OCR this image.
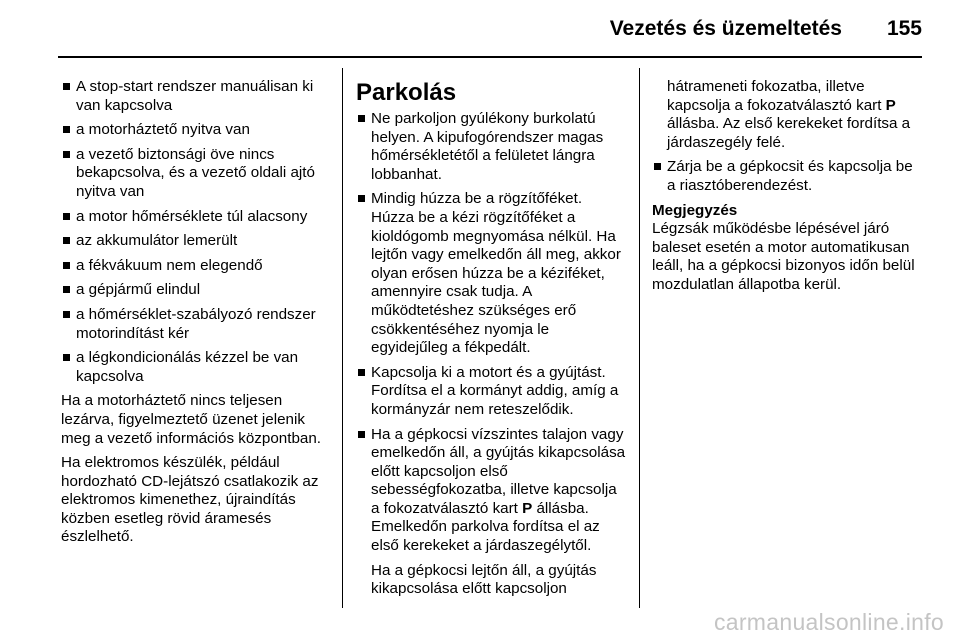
Vezetés és üzemeltetés 155
A stop-start rendszer manuálisan ki van kapcsolva
a motorháztető nyitva van
a vezető biztonsági öve nincs bekapcsolva, és a vezető oldali ajtó nyitva van
a motor hőmérséklete túl alacsony
az akkumulátor lemerült
a fékvákuum nem elegendő
a gépjármű elindul
a hőmérséklet-szabályozó rendszer motorindítást kér
a légkondicionálás kézzel be van kapcsolva
Ha a motorháztető nincs teljesen lezárva, figyelmeztető üzenet jelenik meg a vezető információs központban.
Ha elektromos készülék, például hordozható CD-lejátszó csatlakozik az elektromos kimenethez, újraindítás közben esetleg rövid áramesés észlelhető.
Parkolás
Ne parkoljon gyúlékony burkolatú helyen. A kipufogórendszer magas hőmérsékletétől a felületet lángra lobbanhat.
Mindig húzza be a rögzítőféket. Húzza be a kézi rögzítőféket a kioldógomb megnyomása nélkül. Ha lejtőn vagy emelkedőn áll meg, akkor olyan erősen húzza be a kéziféket, amennyire csak tudja. A működtetéshez szükséges erő csökkentéséhez nyomja le egyidejűleg a fékpedált.
Kapcsolja ki a motort és a gyújtást. Fordítsa el a kormányt addig, amíg a kormányzár nem reteszelődik.
Ha a gépkocsi vízszintes talajon vagy emelkedőn áll, a gyújtás kikapcsolása előtt kapcsoljon első sebességfokozatba, illetve kapcsolja a fokozatválasztó kart P állásba. Emelkedőn parkolva fordítsa el az első kerekeket a járdaszegélytől.
Ha a gépkocsi lejtőn áll, a gyújtás kikapcsolása előtt kapcsoljon
hátrameneti fokozatba, illetve kapcsolja a fokozatválasztó kart P állásba. Az első kerekeket fordítsa a járdaszegély felé.
Zárja be a gépkocsit és kapcsolja be a riasztóberendezést.
Megjegyzés
Légzsák működésbe lépésével járó baleset esetén a motor automatikusan leáll, ha a gépkocsi bizonyos időn belül mozdulatlan állapotba kerül.
carmanualsonline.info
